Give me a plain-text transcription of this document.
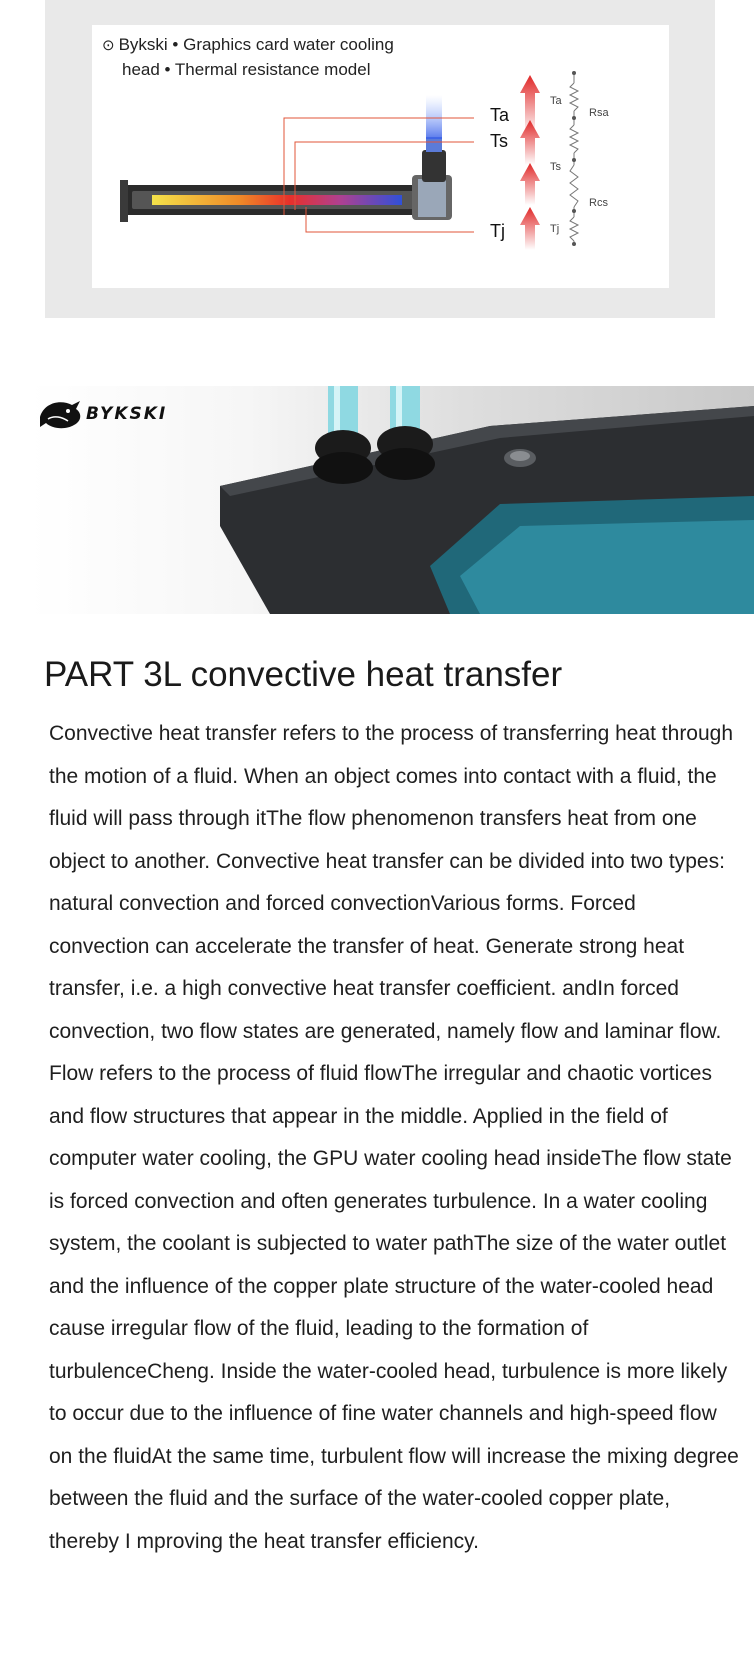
⊙ Bykski • Graphics card water cooling
head • Thermal resistance model
Ta
Ts
Tj
Ta
Ts
Tj
Rsa
Rcs
BYKSKI
PART 3L convective heat transfer

Convective heat transfer refers to the process of transferring heat through the motion of a fluid. When an object comes into contact with a fluid, the fluid will pass through itThe flow phenomenon transfers heat from one object to another. Convective heat transfer can be divided into two types: natural convection and forced convectionVarious forms. Forced convection can accelerate the transfer of heat. Generate strong heat transfer, i.e. a high convective heat transfer coefficient. andIn forced convection, two flow states are generated, namely flow and laminar flow. Flow refers to the process of fluid flowThe irregular and chaotic vortices and flow structures that appear in the middle. Applied in the field of computer water cooling, the GPU water cooling head insideThe flow state is forced convection and often generates turbulence. In a water cooling system, the coolant is subjected to water pathThe size of the water outlet and the influence of the copper plate structure of the water-cooled head cause irregular flow of the fluid, leading to the formation of turbulenceCheng. Inside the water-cooled head, turbulence is more likely to occur due to the influence of fine water channels and high-speed flow on the fluidAt the same time, turbulent flow will increase the mixing degree between the fluid and the surface of the water-cooled copper plate, thereby I mproving the heat transfer efficiency.
